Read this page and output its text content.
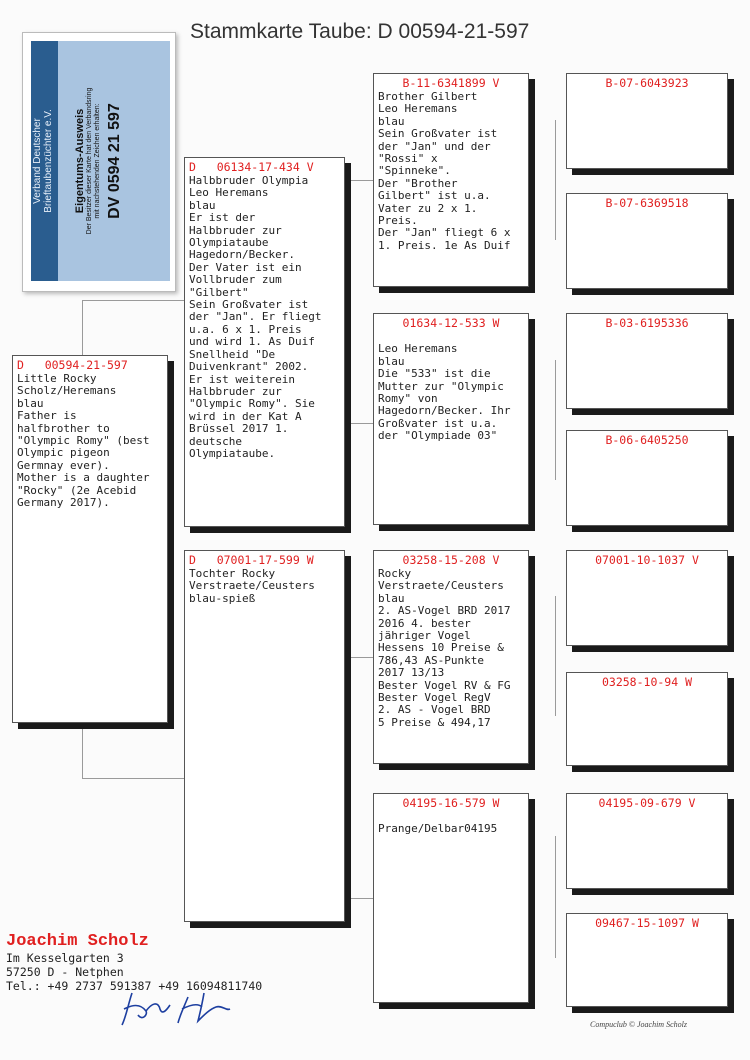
Stammkarte Taube: D 00594-21-597
Verband Deutscher Brieftaubenzüchter e.V. Eigentums-Ausweis Der Besitzer dieser Karte hat den Verbandsring mit nachstehenden Zeichen erhalten: DV 0594 21 597
D   00594-21-597
Little Rocky
Scholz/Heremans
blau
Father is
halfbrother to
"Olympic Romy" (best
Olympic pigeon
Germnay ever).
Mother is a daughter
"Rocky" (2e Acebid
Germany 2017).
D   06134-17-434 V
Halbbruder Olympia
Leo Heremans
blau
Er ist der
Halbbruder zur
Olympiataube
Hagedorn/Becker.
Der Vater ist ein
Vollbruder zum
"Gilbert"
Sein Großvater ist
der "Jan". Er fliegt
u.a. 6 x 1. Preis
und wird 1. As Duif
Snellheid "De
Duivenkrant" 2002.
Er ist weiterein
Halbbruder zur
"Olympic Romy". Sie
wird in der Kat A
Brüssel 2017 1.
deutsche
Olympiataube.
D   07001-17-599 W
Tochter Rocky
Verstraete/Ceusters
blau-spieß
B-11-6341899 V
Brother Gilbert
Leo Heremans
blau
Sein Großvater ist
der "Jan" und der
"Rossi" x
"Spinneke".
Der "Brother
Gilbert" ist u.a.
Vater zu 2 x 1.
Preis.
Der "Jan" fliegt 6 x
1. Preis. 1e As Duif
01634-12-533 W

Leo Heremans
blau
Die "533" ist die
Mutter zur "Olympic
Romy" von
Hagedorn/Becker. Ihr
Großvater ist u.a.
der "Olympiade 03"
03258-15-208 V
Rocky
Verstraete/Ceusters
blau
2. AS-Vogel BRD 2017
2016 4. bester
jähriger Vogel
Hessens 10 Preise &
786,43 AS-Punkte
2017 13/13
Bester Vogel RV & FG
Bester Vogel RegV
2. AS - Vogel BRD
5 Preise & 494,17
04195-16-579 W

Prange/Delbar04195
B-07-6043923
B-07-6369518
B-03-6195336
B-06-6405250
07001-10-1037 V
03258-10-94 W
04195-09-679 V
09467-15-1097 W
Joachim Scholz
Im Kesselgarten 3
57250 D - Netphen
Tel.: +49 2737 591387 +49 16094811740
Compuclub © Joachim Scholz
